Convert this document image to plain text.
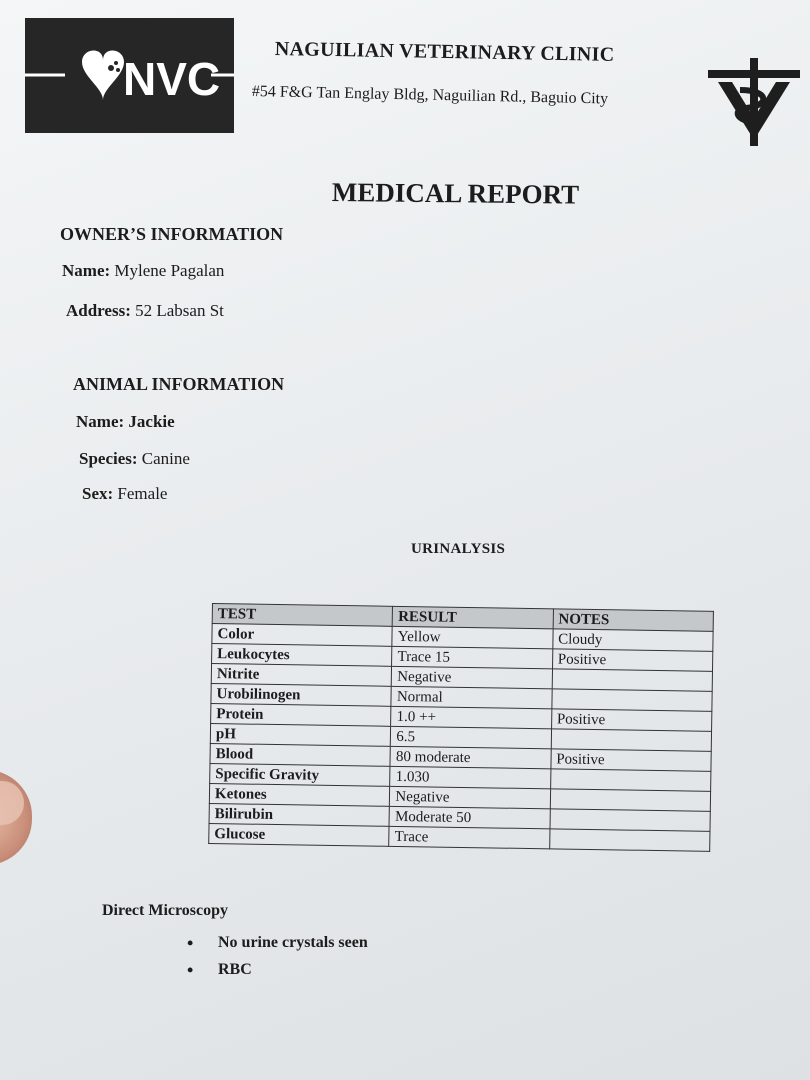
NVC
NAGUILIAN VETERINARY CLINIC
#54 F&G Tan Englay Bldg, Naguilian Rd., Baguio City
MEDICAL REPORT
OWNER’S INFORMATION
Name: Mylene Pagalan
Address: 52 Labsan St
ANIMAL INFORMATION
Name: Jackie
Species: Canine
Sex: Female
URINALYSIS
TEST	RESULT	NOTES
Color	Yellow	Cloudy
Leukocytes	Trace 15	Positive
Nitrite	Negative	
Urobilinogen	Normal	
Protein	1.0 ++	Positive
pH	6.5	
Blood	80 moderate	Positive
Specific Gravity	1.030	
Ketones	Negative	
Bilirubin	Moderate 50	
Glucose	Trace	
Direct Microscopy
• No urine crystals seen
• RBC
